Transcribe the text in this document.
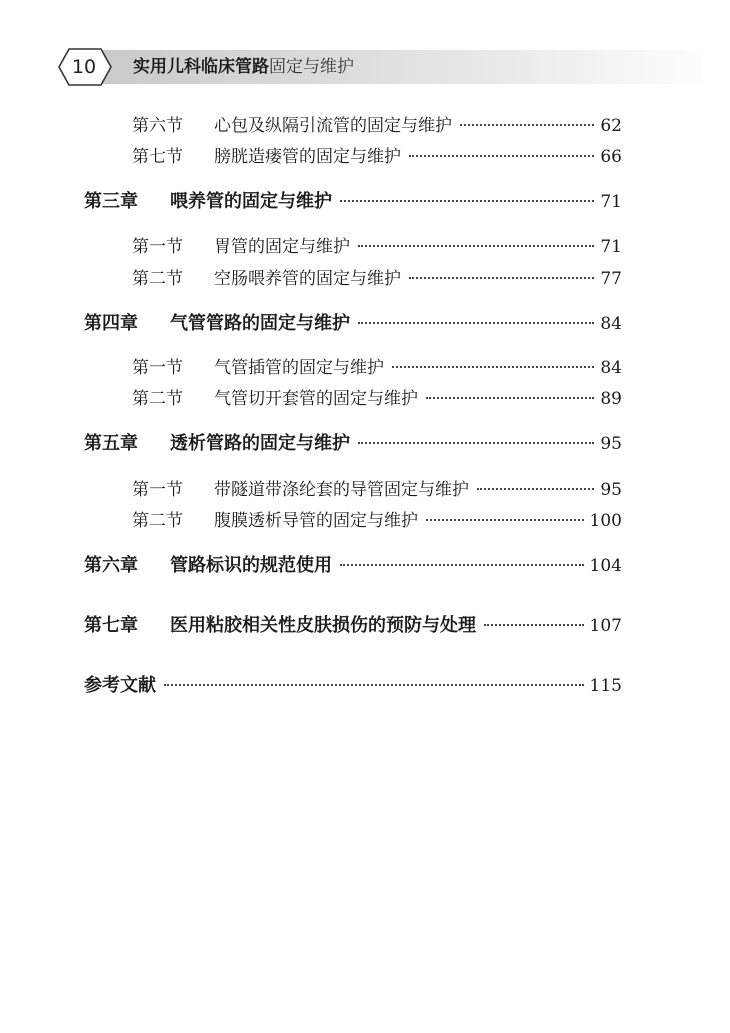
10	实用儿科临床管路固定与维护
第六节	心包及纵隔引流管的固定与维护	62
第七节	膀胱造瘘管的固定与维护	66
第三章	喂养管的固定与维护	71
第一节	胃管的固定与维护	71
第二节	空肠喂养管的固定与维护	77
第四章	气管管路的固定与维护	84
第一节	气管插管的固定与维护	84
第二节	气管切开套管的固定与维护	89
第五章	透析管路的固定与维护	95
第一节	带隧道带涤纶套的导管固定与维护	95
第二节	腹膜透析导管的固定与维护	100
第六章	管路标识的规范使用	104
第七章	医用粘胶相关性皮肤损伤的预防与处理	107
参考文献	115
